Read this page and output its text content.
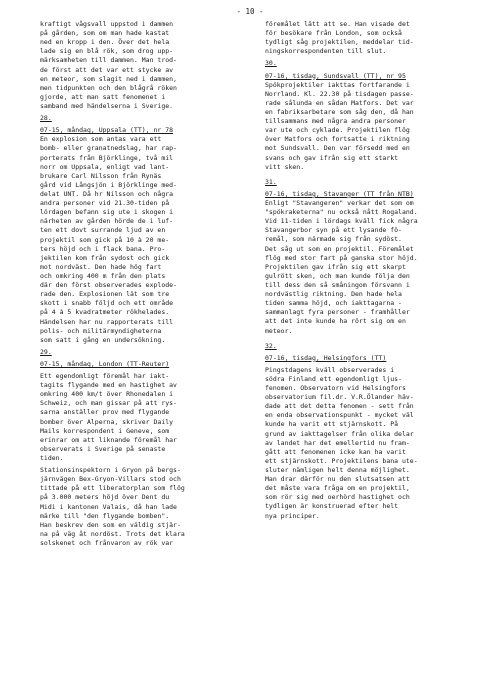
- 10 -
kraftigt vågsvall uppstod i dammen
på gården, som om man hade kastat
ned en kropp i den. Över det hela
lade sig en blå rök, som drog upp-
märksamheten till dammen. Man trod-
de först att det var ett stycke av
en meteor, som slagit ned i dammen,
men tidpunkten och den blågrå röken
gjorde, att man satt fenomenet i
samband med händelserna i Sverige.
28.
07-15, måndag, Uppsala (TT), nr 78
En explosion som antas vara ett
bomb- eller granatnedslag, har rap-
porterats från Björklinge, två mil
norr om Uppsala, enligt vad lant-
brukare Carl Nilsson från Rynäs
gård vid Långsjön i Björklinge med-
delat UNT. Då hr Nilsson och några
andra personer vid 21.30-tiden på
lördagen befann sig ute i skogen i
närheten av gården hörde de i luf-
ten ett dovt surrande ljud av en
projektil som gick på 10 à 20 me-
ters höjd och i flack bana. Pro-
jektilen kom från sydost och gick
mot nordväst. Den hade hög fart
och omkring 400 m från den plats
där den först observerades explode-
rade den. Explosionen lät som tre
skott i snabb följd och ett område
på 4 à 5 kvadratmeter rökhelades.
Händelsen har nu rapporterats till
polis- och militärmyndigheterna
som satt i gång en undersökning.
29.
07-15, måndag, London (TT-Reuter)
Ett egendomligt föremål har iakt-
tagits flygande med en hastighet av
omkring 400 km/t över Rhonedalen i
Schweiz, och man gissar på att rys-
sarna anställer prov med flygande
bomber över Alperna, skriver Daily
Mails korrespondent i Geneve, som
erinrar om att liknande föremål har
observerats i Sverige på senaste
tiden.
Stationsinspektorn i Gryon på bergs-
järnvägen Bex-Gryon-Villars stod och
tittade på ett liberatorplan som flög
på 3.000 meters höjd över Dent du
Midi i kantonen Valais, då han lade
märke till "den flygande bomben".
Han beskrev den som en väldig stjär-
na på väg åt nordöst. Trots det klara
solskenet och frånvaron av rök var
föremålet lätt att se. Han visade det
för besökare från London, som också
tydligt såg projektilen, meddelar tid-
ningskorrespondenten till slut.
30.
07-16, tisdag, Sundsvall (TT), nr 95
Spökprojektiler iakttas fortfarande i
Norrland. Kl. 22.30 på tisdagen passe-
rade sålunda en sådan Matfors. Det var
en fabriksarbetare som såg den, då han
tillsammans med några andra personer
var ute och cyklade. Projektilen flög
över Matfors och fortsatte i riktning
mot Sundsvall. Den var försedd med en
svans och gav ifrån sig ett starkt
vitt sken.
31.
07-16, tisdag, Stavanger (TT från NTB)
Enligt "Stavangeren" verkar det som om
"spökraketerna" nu också nått Rogaland.
Vid 11-tiden i lördags kväll fick några
Stavangerbor syn på ett lysande fö-
remål, som närmade sig från sydöst.
Det såg ut som en projektil. Föremålet
flög med stor fart på ganska stor höjd.
Projektilen gav ifrån sig ett skarpt
gulrött sken, och man kunde följa den
till dess den så småningom försvann i
nordvästlig riktning. Den hade hela
tiden samma höjd, och iakttagarna -
sammanlagt fyra personer - framhåller
att det inte kunde ha rört sig om en
meteor.
32.
07-16, tisdag, Helsingfors (TT)
Pingstdagens kväll observerades i
södra Finland ett egendomligt ljus-
fenomen. Observatorn vid Helsingfors
observatorium fil.dr. V.R.Ölander häv-
dade att det detta fenomen - sett från
en enda observationspunkt - mycket väl
kunde ha varit ett stjärnskott. På
grund av iakttagelser från olika delar
av landet har det emellertid nu fram-
gått att fenomenen icke kan ha varit
ett stjärnskott. Projektilens bana ute-
sluter nämligen helt denna möjlighet.
Man drar därför nu den slutsatsen att
det måste vara fråga om en projektil,
som rör sig med oerhörd hastighet och
tydligen är konstruerad efter helt
nya principer.
